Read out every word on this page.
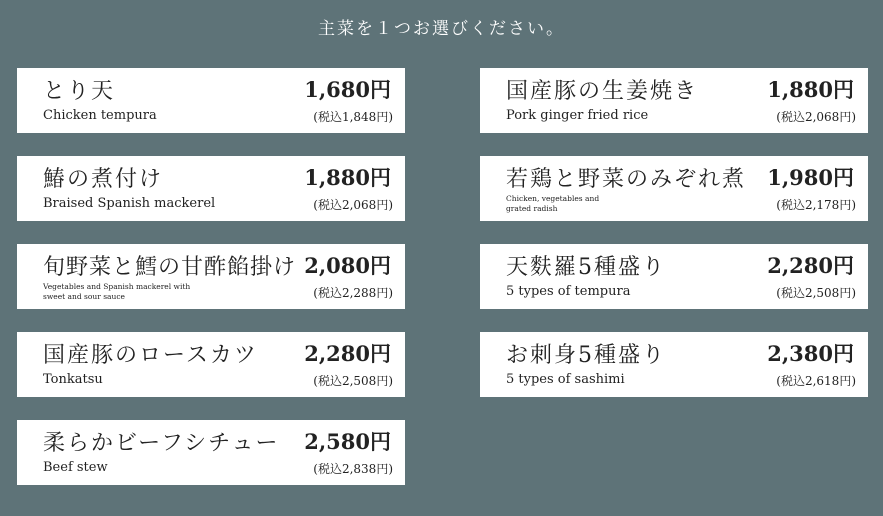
主菜を１つお選びください。
とり天
Chicken tempura
1,680円
(税込1,848円)
国産豚の生姜焼き
Pork ginger fried rice
1,880円
(税込2,068円)
鰆の煮付け
Braised Spanish mackerel
1,880円
(税込2,068円)
若鶏と野菜のみぞれ煮
Chicken, vegetables and grated radish
1,980円
(税込2,178円)
旬野菜と鱈の甘酢餡掛け
Vegetables and Spanish mackerel with sweet and sour sauce
2,080円
(税込2,288円)
天麩羅5種盛り
5 types of tempura
2,280円
(税込2,508円)
国産豚のロースカツ
Tonkatsu
2,280円
(税込2,508円)
お刺身5種盛り
5 types of sashimi
2,380円
(税込2,618円)
柔らかビーフシチュー
Beef stew
2,580円
(税込2,838円)
